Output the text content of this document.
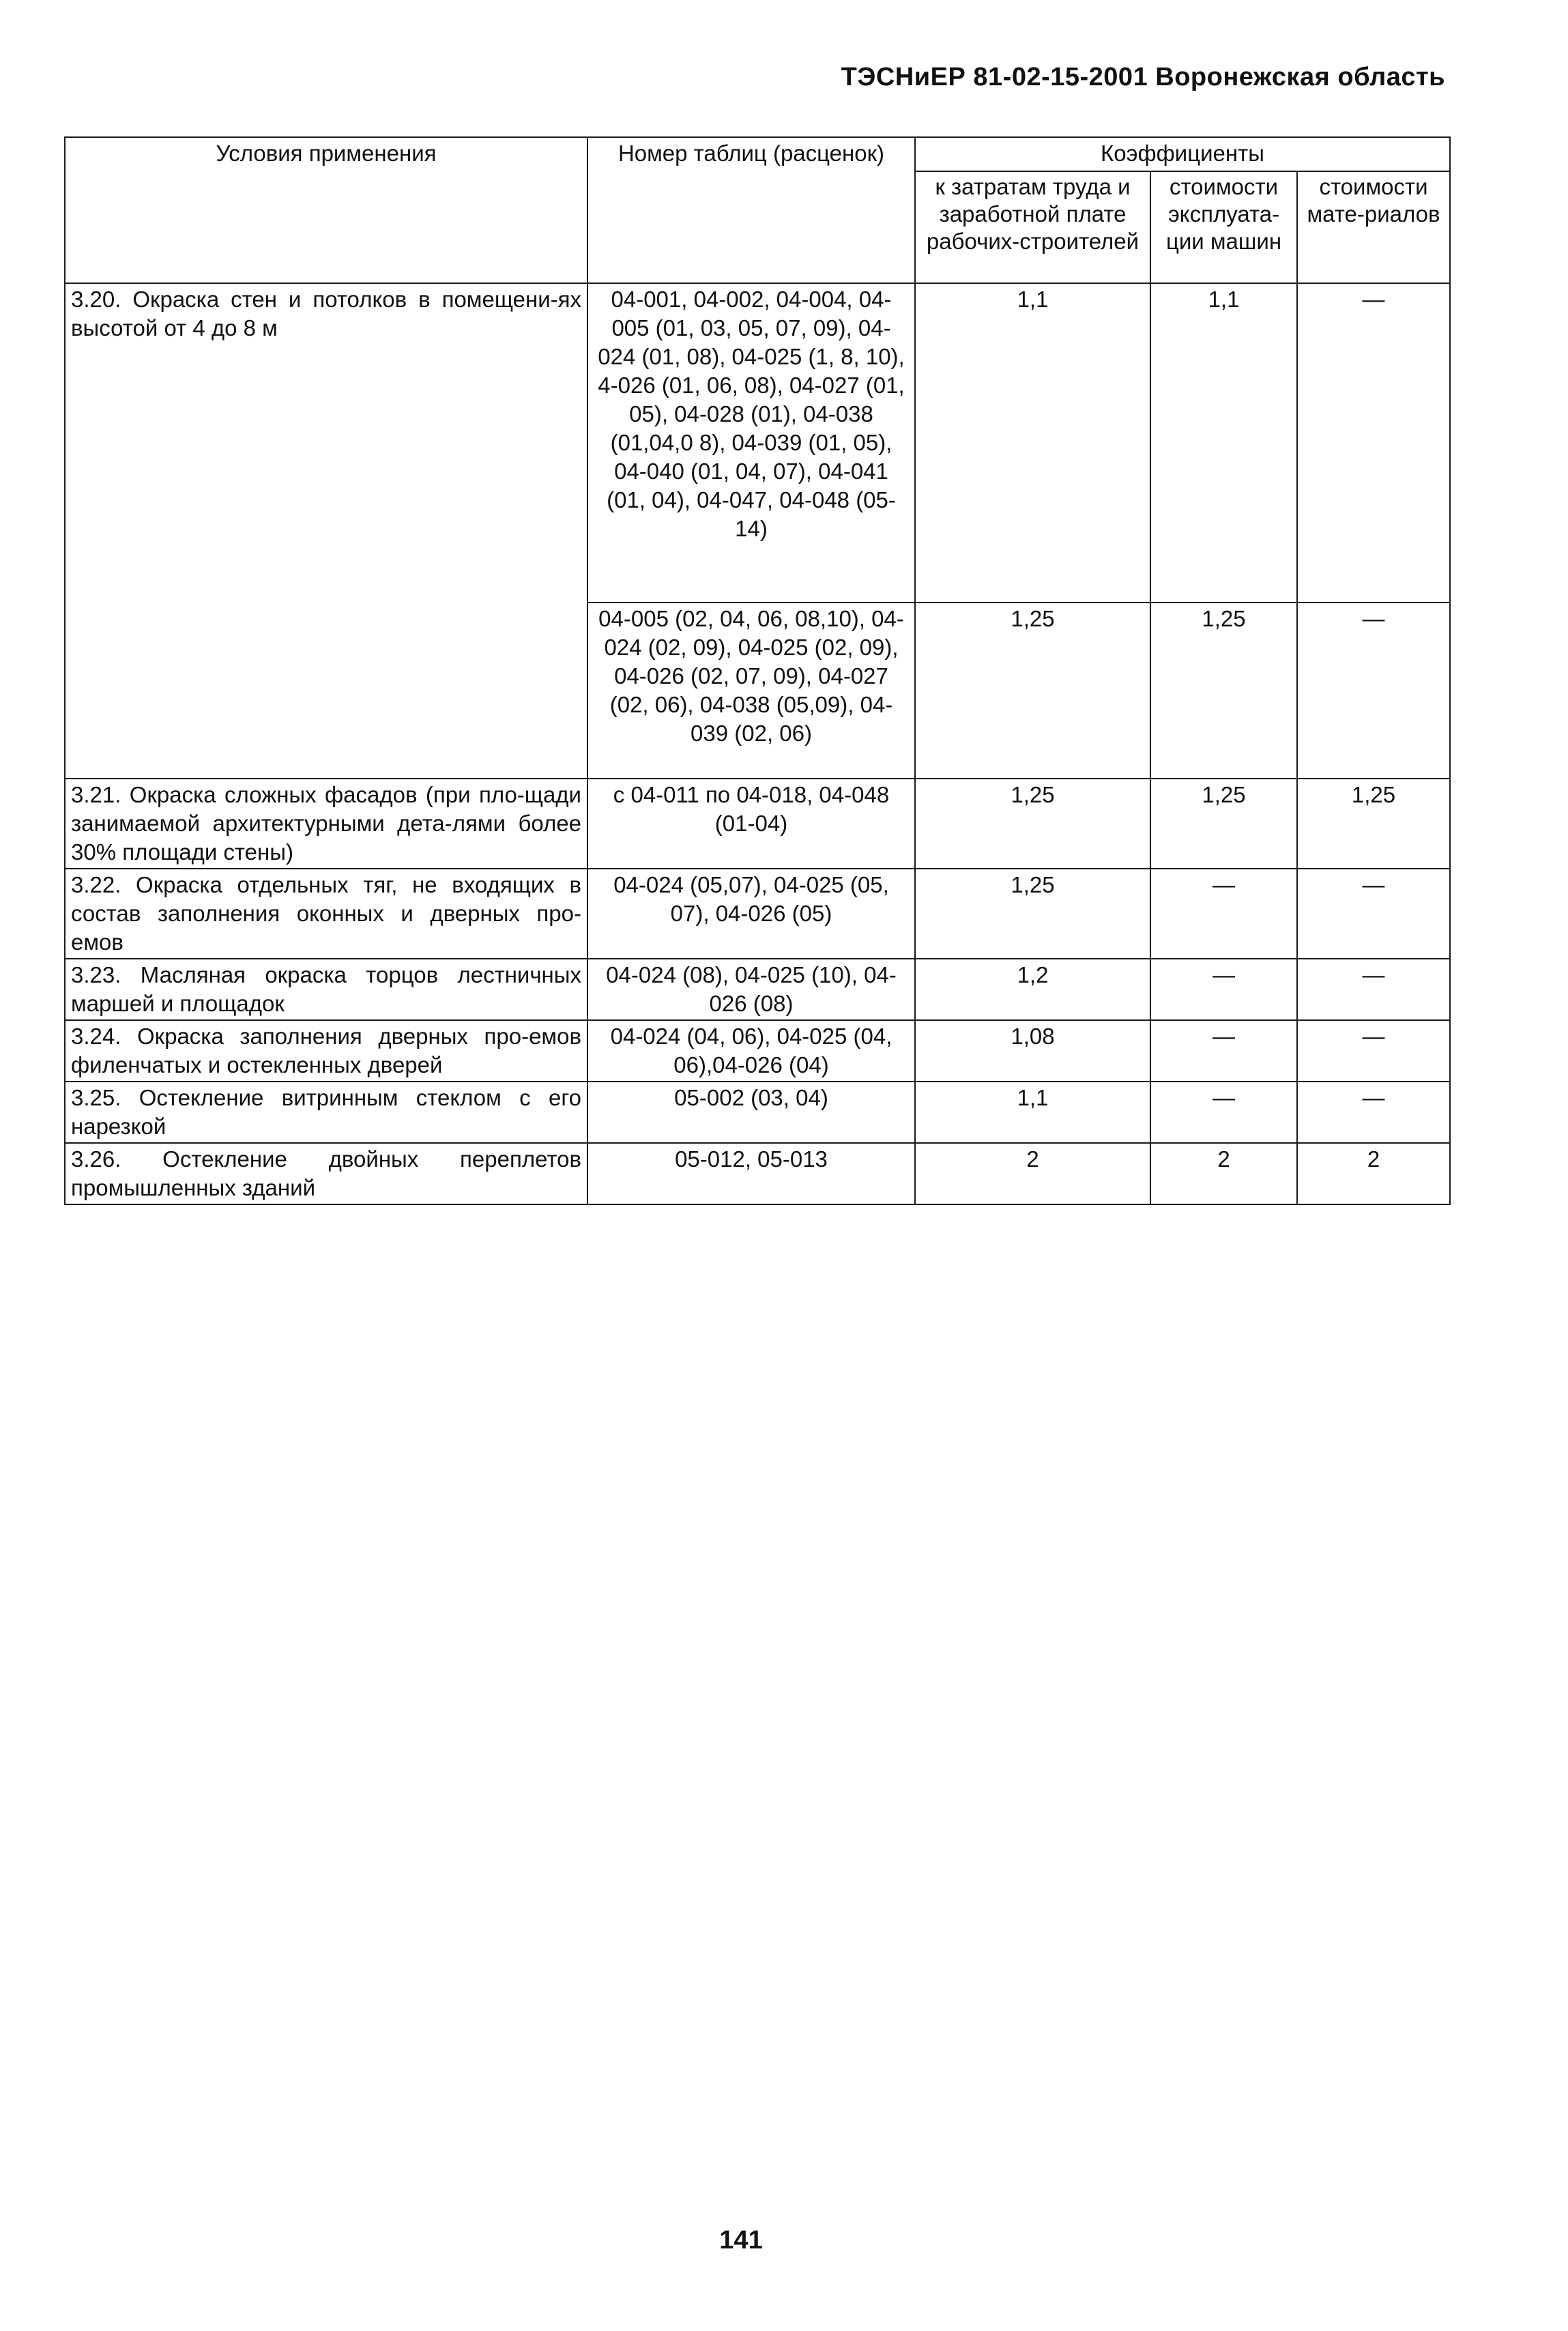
ТЭСНиЕР 81-02-15-2001 Воронежская область
Условия применения	Номер таблиц (расценок)	Коэффициенты		
		к затратам труда и заработной плате рабочих-строителей	стоимости эксплуата-ции машин	стоимости мате-риалов
3.20. Окраска стен и потолков в помещени-ях высотой от 4 до 8 м	04-001, 04-002, 04-004, 04-005 (01, 03, 05, 07, 09), 04-024 (01, 08), 04-025 (1, 8, 10), 4-026 (01, 06, 08), 04-027 (01, 05), 04-028 (01), 04-038 (01,04,0 8), 04-039 (01, 05), 04-040 (01, 04, 07), 04-041 (01, 04), 04-047, 04-048 (05-14)	1,1	1,1	—
	04-005 (02, 04, 06, 08,10), 04-024 (02, 09), 04-025 (02, 09), 04-026 (02, 07, 09), 04-027 (02, 06), 04-038 (05,09), 04-039 (02, 06)	1,25	1,25	—
3.21. Окраска сложных фасадов (при пло-щади занимаемой архитектурными дета-лями более 30% площади стены)	с 04-011 по 04-018, 04-048 (01-04)	1,25	1,25	1,25
3.22. Окраска отдельных тяг, не входящих в состав заполнения оконных и дверных про-емов	04-024 (05,07), 04-025 (05, 07), 04-026 (05)	1,25	—	—
3.23. Масляная окраска торцов лестничных маршей и площадок	04-024 (08), 04-025 (10), 04-026 (08)	1,2	—	—
3.24. Окраска заполнения дверных про-емов филенчатых и остекленных дверей	04-024 (04, 06), 04-025 (04, 06),04-026 (04)	1,08	—	—
3.25. Остекление витринным стеклом с его нарезкой	05-002 (03, 04)	1,1	—	—
3.26. Остекление двойных переплетов промышленных зданий	05-012, 05-013	2	2	2
141
